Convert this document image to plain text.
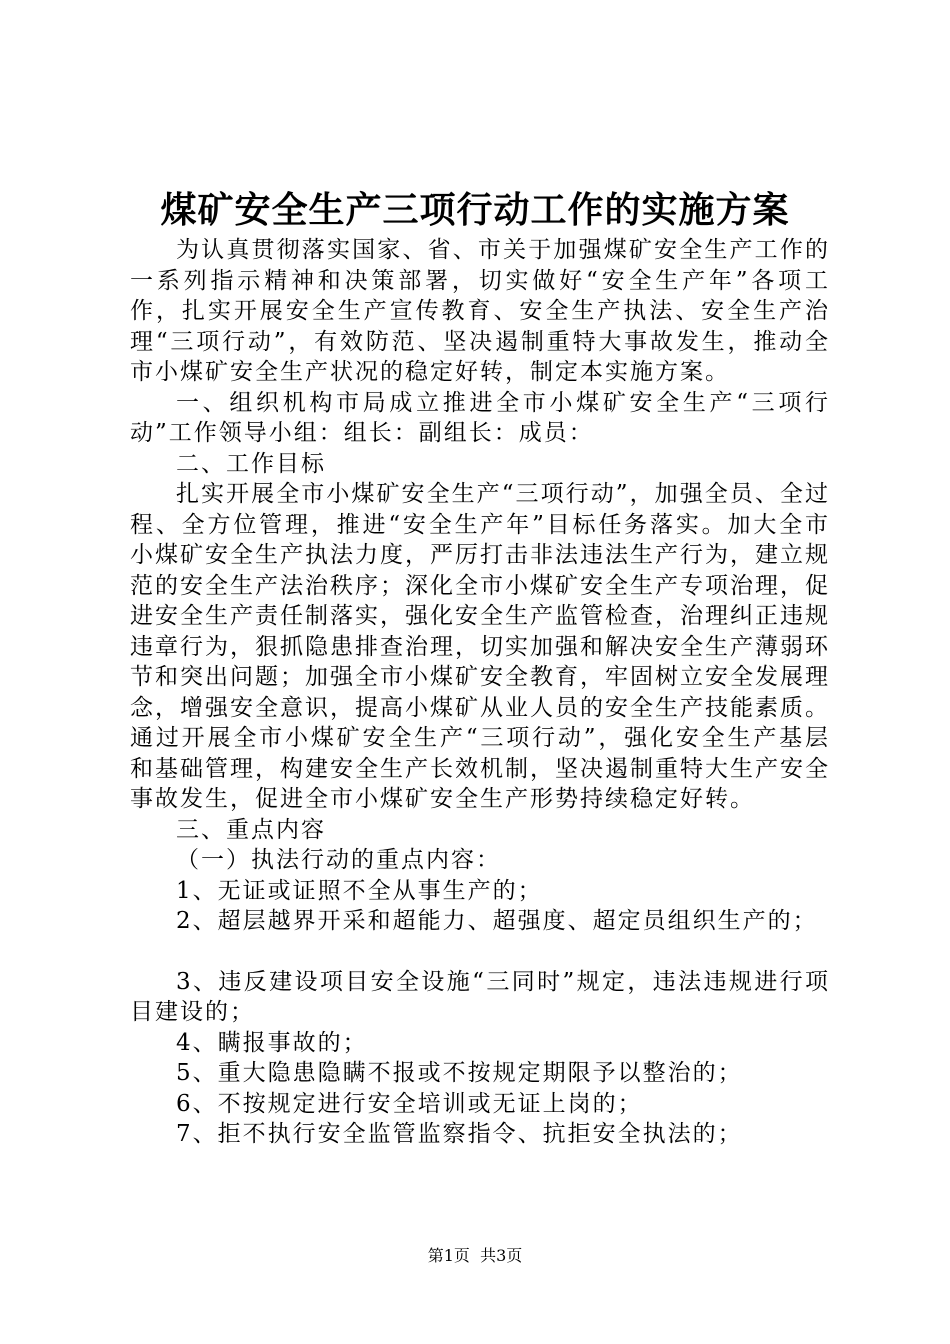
煤矿安全生产三项行动工作的实施方案

为认真贯彻落实国家、省、市关于加强煤矿安全生产工作的一系列指示精神和决策部署，切实做好“安全生产年”各项工作，扎实开展安全生产宣传教育、安全生产执法、安全生产治理“三项行动”，有效防范、坚决遏制重特大事故发生，推动全市小煤矿安全生产状况的稳定好转，制定本实施方案。

一、组织机构市局成立推进全市小煤矿安全生产“三项行动”工作领导小组：组长：副组长：成员：

二、工作目标

扎实开展全市小煤矿安全生产“三项行动”，加强全员、全过程、全方位管理，推进“安全生产年”目标任务落实。加大全市小煤矿安全生产执法力度，严厉打击非法违法生产行为，建立规范的安全生产法治秩序；深化全市小煤矿安全生产专项治理，促进安全生产责任制落实，强化安全生产监管检查，治理纠正违规违章行为，狠抓隐患排查治理，切实加强和解决安全生产薄弱环节和突出问题；加强全市小煤矿安全教育，牢固树立安全发展理念，增强安全意识，提高小煤矿从业人员的安全生产技能素质。通过开展全市小煤矿安全生产“三项行动”，强化安全生产基层和基础管理，构建安全生产长效机制，坚决遏制重特大生产安全事故发生，促进全市小煤矿安全生产形势持续稳定好转。

三、重点内容

（一）执法行动的重点内容：

1、无证或证照不全从事生产的；

2、超层越界开采和超能力、超强度、超定员组织生产的；

3、违反建设项目安全设施“三同时”规定，违法违规进行项目建设的；

4、瞒报事故的；

5、重大隐患隐瞒不报或不按规定期限予以整治的；

6、不按规定进行安全培训或无证上岗的；

7、拒不执行安全监管监察指令、抗拒安全执法的；

第1页  共3页
